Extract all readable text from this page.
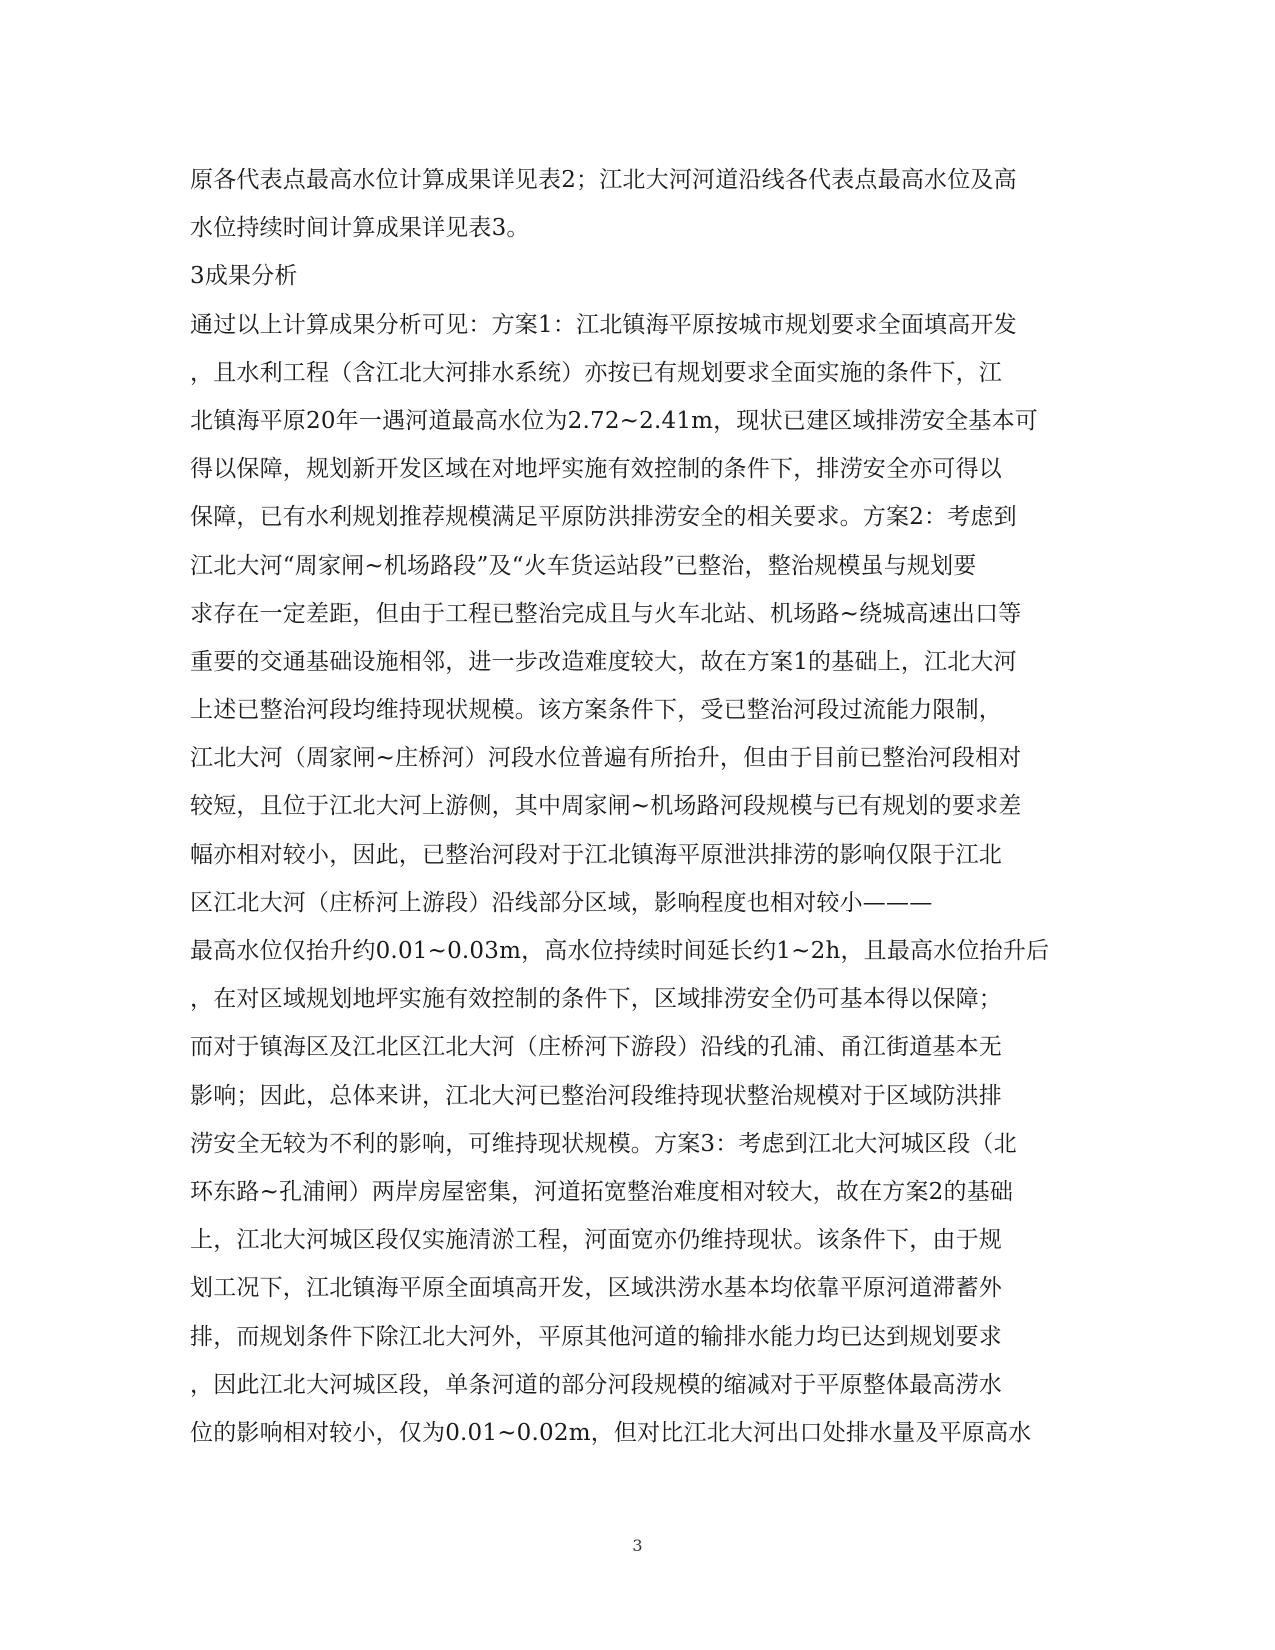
原各代表点最高水位计算成果详见表2；江北大河河道沿线各代表点最高水位及高
水位持续时间计算成果详见表3。
3成果分析
通过以上计算成果分析可见：方案1：江北镇海平原按城市规划要求全面填高开发
，且水利工程（含江北大河排水系统）亦按已有规划要求全面实施的条件下，江
北镇海平原20年一遇河道最高水位为2.72~2.41m，现状已建区域排涝安全基本可
得以保障，规划新开发区域在对地坪实施有效控制的条件下，排涝安全亦可得以
保障，已有水利规划推荐规模满足平原防洪排涝安全的相关要求。方案2：考虑到
江北大河“周家闸~机场路段”及“火车货运站段”已整治，整治规模虽与规划要
求存在一定差距，但由于工程已整治完成且与火车北站、机场路~绕城高速出口等
重要的交通基础设施相邻，进一步改造难度较大，故在方案1的基础上，江北大河
上述已整治河段均维持现状规模。该方案条件下，受已整治河段过流能力限制，
江北大河（周家闸~庄桥河）河段水位普遍有所抬升，但由于目前已整治河段相对
较短，且位于江北大河上游侧，其中周家闸~机场路河段规模与已有规划的要求差
幅亦相对较小，因此，已整治河段对于江北镇海平原泄洪排涝的影响仅限于江北
区江北大河（庄桥河上游段）沿线部分区域，影响程度也相对较小———
最高水位仅抬升约0.01~0.03m，高水位持续时间延长约1~2h，且最高水位抬升后
，在对区域规划地坪实施有效控制的条件下，区域排涝安全仍可基本得以保障；
而对于镇海区及江北区江北大河（庄桥河下游段）沿线的孔浦、甬江街道基本无
影响；因此，总体来讲，江北大河已整治河段维持现状整治规模对于区域防洪排
涝安全无较为不利的影响，可维持现状规模。方案3：考虑到江北大河城区段（北
环东路~孔浦闸）两岸房屋密集，河道拓宽整治难度相对较大，故在方案2的基础
上，江北大河城区段仅实施清淤工程，河面宽亦仍维持现状。该条件下，由于规
划工况下，江北镇海平原全面填高开发，区域洪涝水基本均依靠平原河道滞蓄外
排，而规划条件下除江北大河外，平原其他河道的输排水能力均已达到规划要求
，因此江北大河城区段，单条河道的部分河段规模的缩减对于平原整体最高涝水
位的影响相对较小，仅为0.01~0.02m，但对比江北大河出口处排水量及平原高水
3
